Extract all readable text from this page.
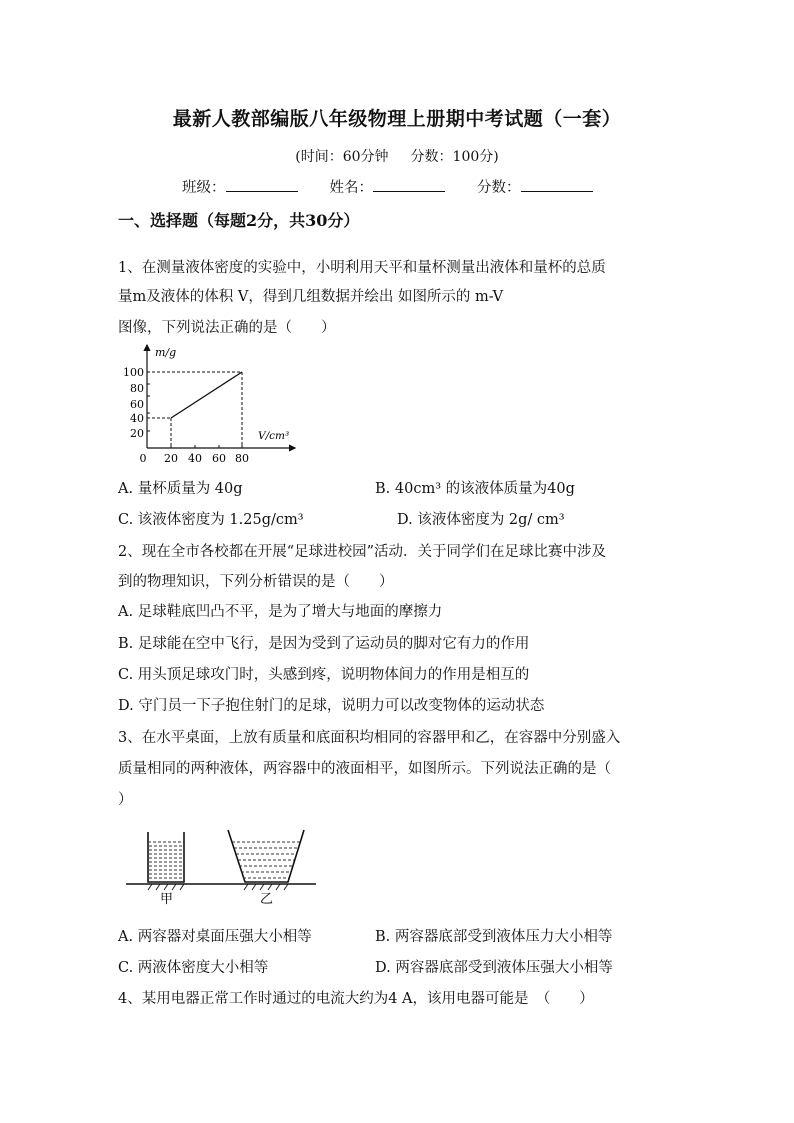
最新人教部编版八年级物理上册期中考试题（一套）
(时间：60分钟 分数：100分)
班级：	姓名：	分数：
一、选择题（每题2分，共30分）
1、在测量液体密度的实验中，小明利用天平和量杯测量出液体和量杯的总质
量m及液体的体积 V，得到几组数据并绘出 如图所示的 m-V
图像，下列说法正确的是（　　）
m/g
V/cm³
100
80
60
40
20
0 20 40 60 80
A. 量杯质量为 40g	B. 40cm³ 的该液体质量为40g
C. 该液体密度为 1.25g/cm³	D. 该液体密度为 2g/ cm³
2、现在全市各校都在开展“足球进校园”活动．关于同学们在足球比赛中涉及
到的物理知识，下列分析错误的是（　　）
A. 足球鞋底凹凸不平，是为了增大与地面的摩擦力
B. 足球能在空中飞行，是因为受到了运动员的脚对它有力的作用
C. 用头顶足球攻门时，头感到疼，说明物体间力的作用是相互的
D. 守门员一下子抱住射门的足球，说明力可以改变物体的运动状态
3、在水平桌面，上放有质量和底面积均相同的容器甲和乙，在容器中分别盛入
质量相同的两种液体，两容器中的液面相平，如图所示。下列说法正确的是（
）
甲	乙
A. 两容器对桌面压强大小相等	B. 两容器底部受到液体压力大小相等
C. 两液体密度大小相等	D. 两容器底部受到液体压强大小相等
4、某用电器正常工作时通过的电流大约为4 A，该用电器可能是　（　　）
